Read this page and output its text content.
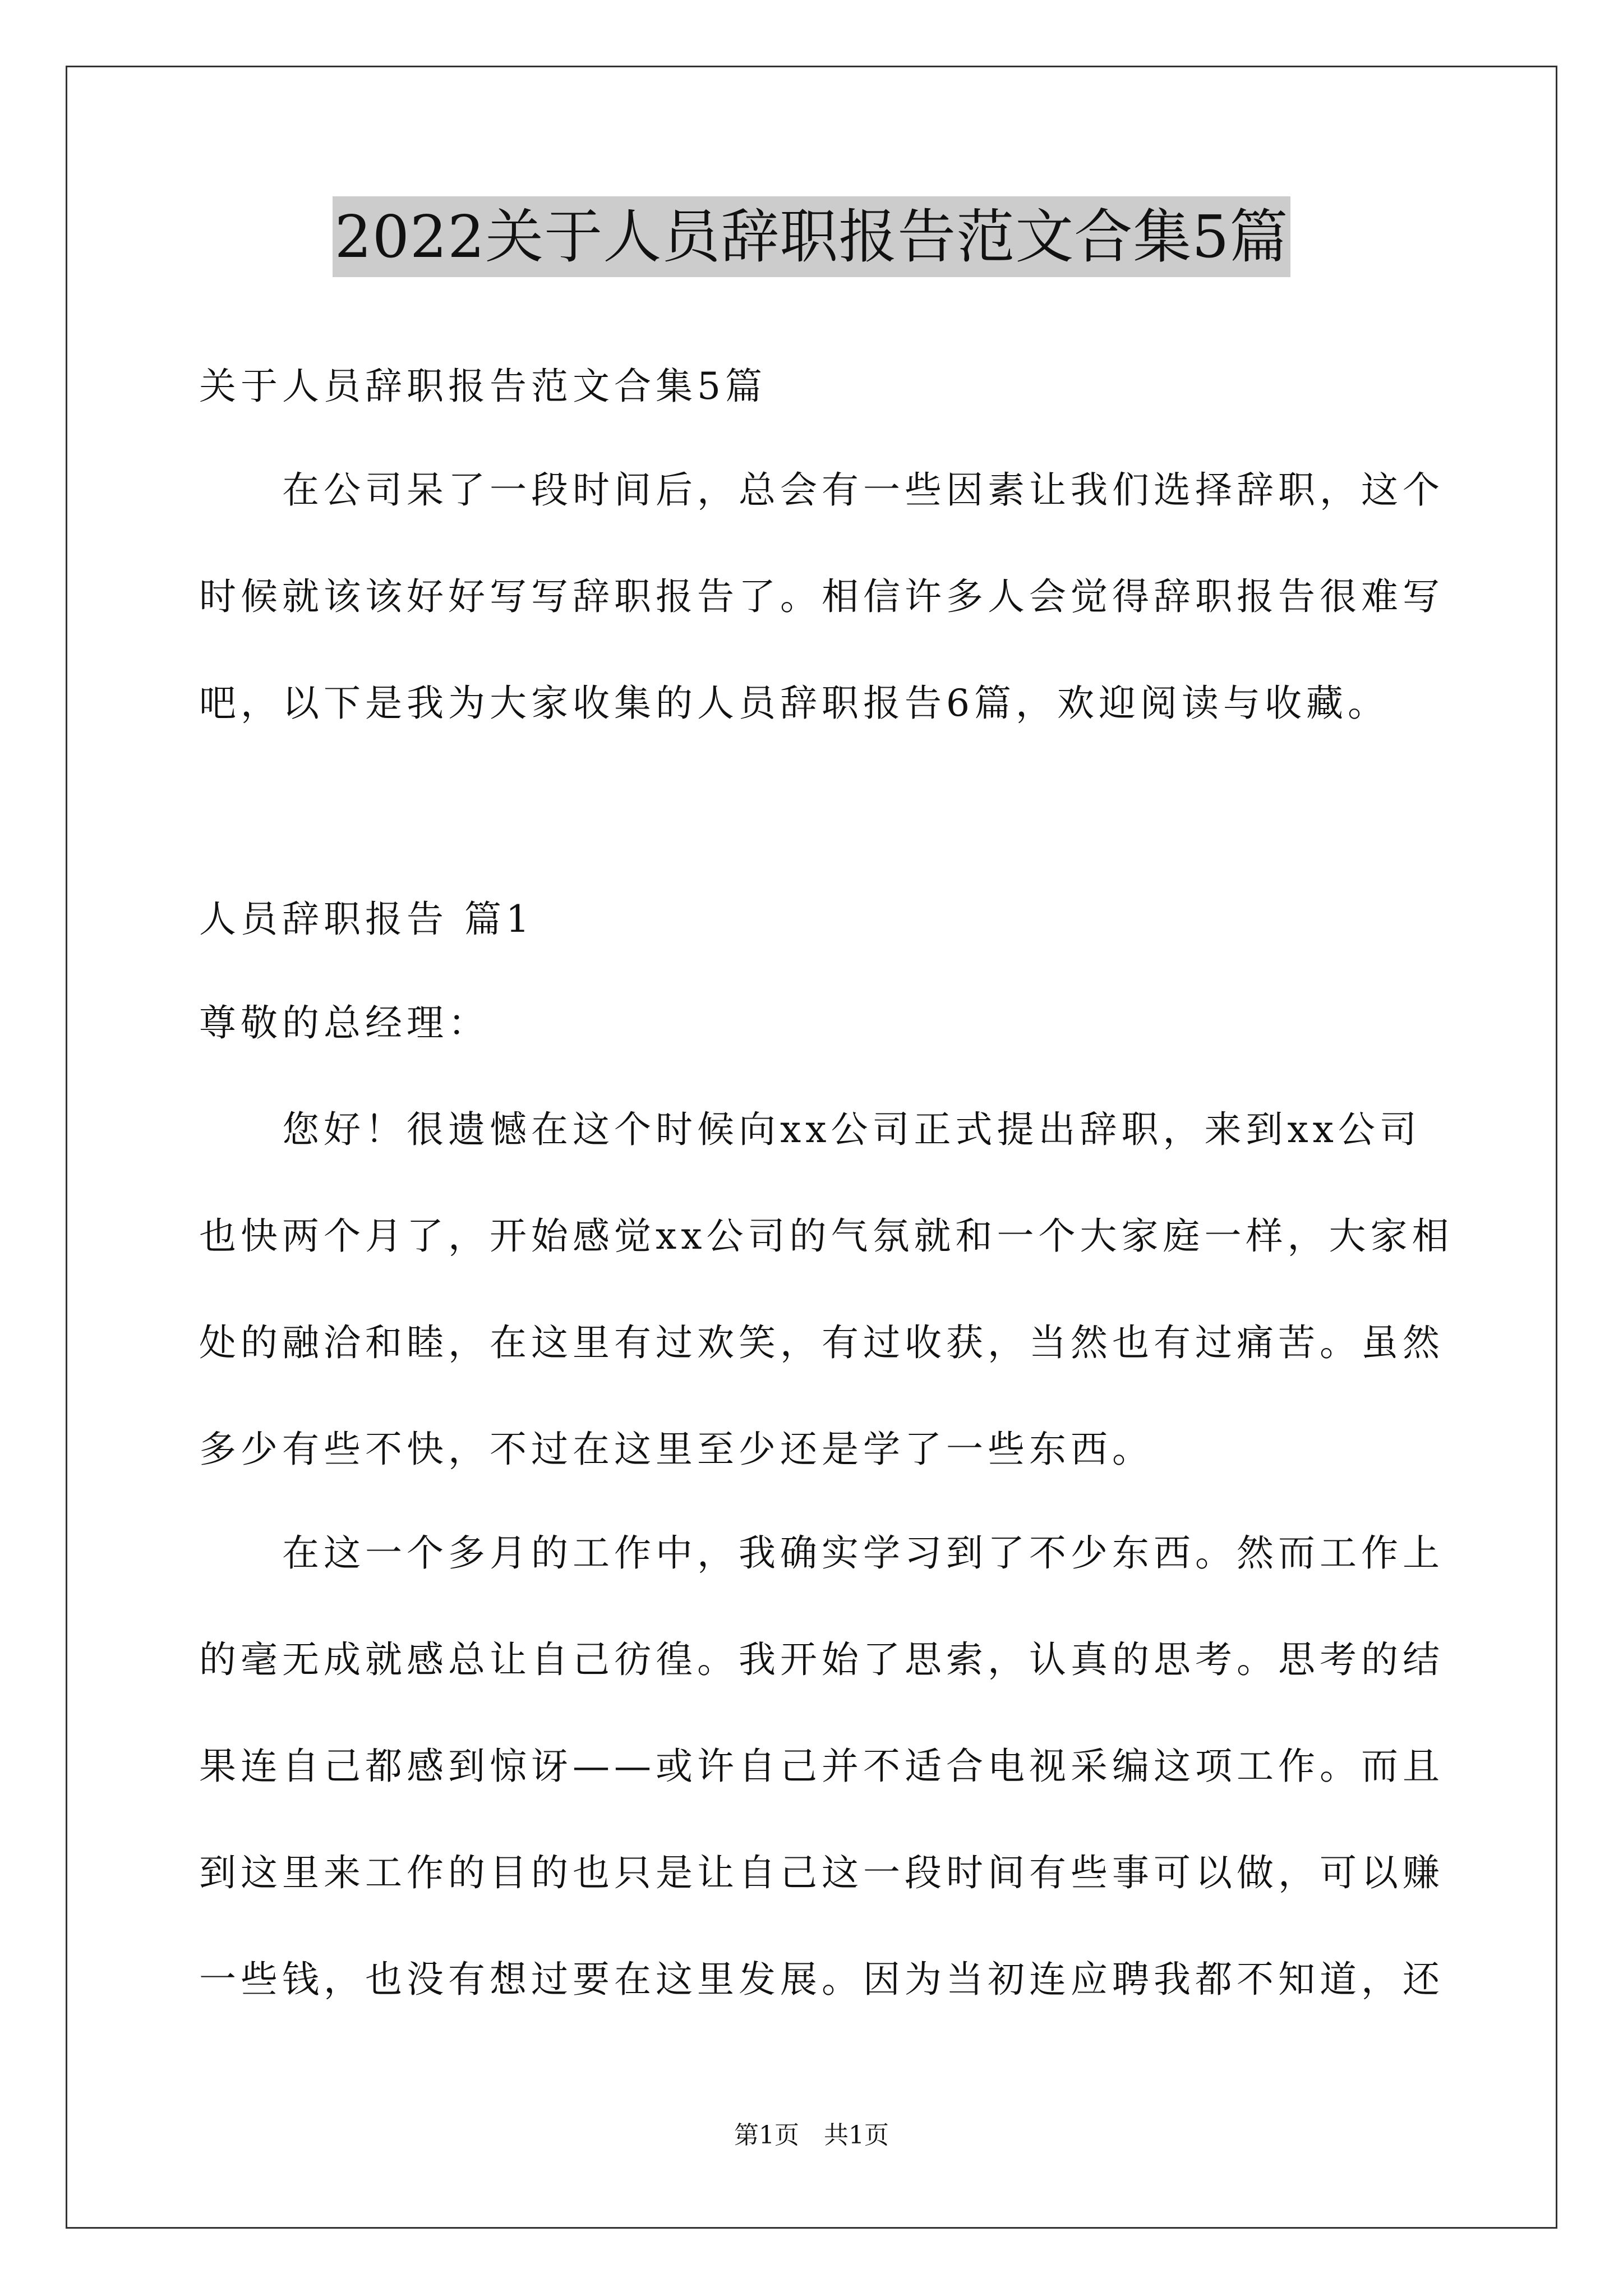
2022关于人员辞职报告范文合集5篇
关于人员辞职报告范文合集5篇
在公司呆了一段时间后，总会有一些因素让我们选择辞职，这个
时候就该该好好写写辞职报告了。相信许多人会觉得辞职报告很难写
吧，以下是我为大家收集的人员辞职报告6篇，欢迎阅读与收藏。
人员辞职报告 篇1
尊敬的总经理：
您好！很遗憾在这个时候向xx公司正式提出辞职，来到xx公司
也快两个月了，开始感觉xx公司的气氛就和一个大家庭一样，大家相
处的融洽和睦，在这里有过欢笑，有过收获，当然也有过痛苦。虽然
多少有些不快，不过在这里至少还是学了一些东西。
在这一个多月的工作中，我确实学习到了不少东西。然而工作上
的毫无成就感总让自己彷徨。我开始了思索，认真的思考。思考的结
果连自己都感到惊讶——或许自己并不适合电视采编这项工作。而且
到这里来工作的目的也只是让自己这一段时间有些事可以做，可以赚
一些钱，也没有想过要在这里发展。因为当初连应聘我都不知道，还
第1页　共1页
